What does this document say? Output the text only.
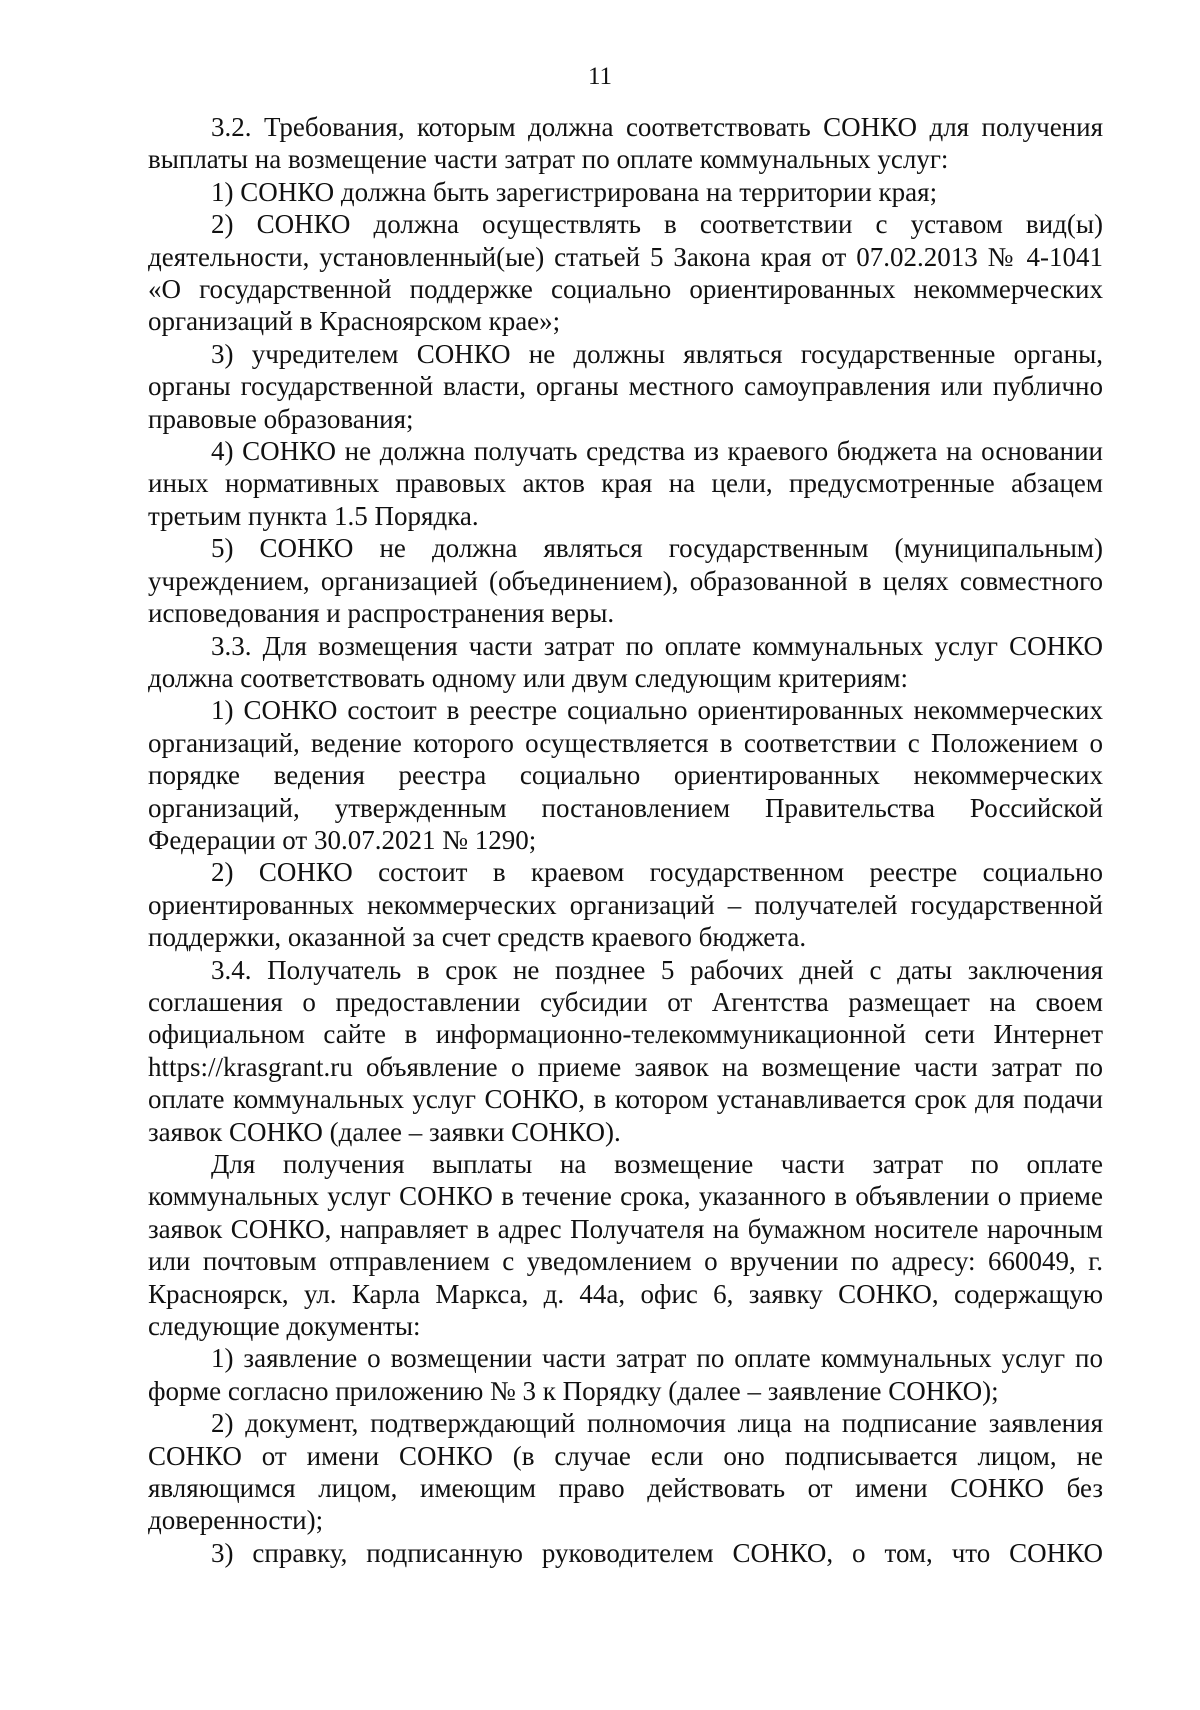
11

3.2. Требования, которым должна соответствовать СОНКО для получения выплаты на возмещение части затрат по оплате коммунальных услуг:

1) СОНКО должна быть зарегистрирована на территории края;

2) СОНКО должна осуществлять в соответствии с уставом вид(ы) деятельности, установленный(ые) статьей 5 Закона края от 07.02.2013 № 4-1041 «О государственной поддержке социально ориентированных некоммерческих организаций в Красноярском крае»;

3) учредителем СОНКО не должны являться государственные органы, органы государственной власти, органы местного самоуправления или публично правовые образования;

4) СОНКО не должна получать средства из краевого бюджета на основании иных нормативных правовых актов края на цели, предусмотренные абзацем третьим пункта 1.5 Порядка.

5) СОНКО не должна являться государственным (муниципальным) учреждением, организацией (объединением), образованной в целях совместного исповедования и распространения веры.

3.3. Для возмещения части затрат по оплате коммунальных услуг СОНКО должна соответствовать одному или двум следующим критериям:

1) СОНКО состоит в реестре социально ориентированных некоммерческих организаций, ведение которого осуществляется в соответствии с Положением о порядке ведения реестра социально ориентированных некоммерческих организаций, утвержденным постановлением Правительства Российской Федерации от 30.07.2021 № 1290;

2) СОНКО состоит в краевом государственном реестре социально ориентированных некоммерческих организаций – получателей государственной поддержки, оказанной за счет средств краевого бюджета.

3.4. Получатель в срок не позднее 5 рабочих дней с даты заключения соглашения о предоставлении субсидии от Агентства размещает на своем официальном сайте в информационно-телекоммуникационной сети Интернет https://krasgrant.ru объявление о приеме заявок на возмещение части затрат по оплате коммунальных услуг СОНКО, в котором устанавливается срок для подачи заявок СОНКО (далее – заявки СОНКО).

Для получения выплаты на возмещение части затрат по оплате коммунальных услуг СОНКО в течение срока, указанного в объявлении о приеме заявок СОНКО, направляет в адрес Получателя на бумажном носителе нарочным или почтовым отправлением с уведомлением о вручении по адресу: 660049, г. Красноярск, ул. Карла Маркса, д. 44а, офис 6, заявку СОНКО, содержащую следующие документы:

1) заявление о возмещении части затрат по оплате коммунальных услуг по форме согласно приложению № 3 к Порядку (далее – заявление СОНКО);

2) документ, подтверждающий полномочия лица на подписание заявления СОНКО от имени СОНКО (в случае если оно подписывается лицом, не являющимся лицом, имеющим право действовать от имени СОНКО без доверенности);

3) справку, подписанную руководителем СОНКО, о том, что СОНКО
